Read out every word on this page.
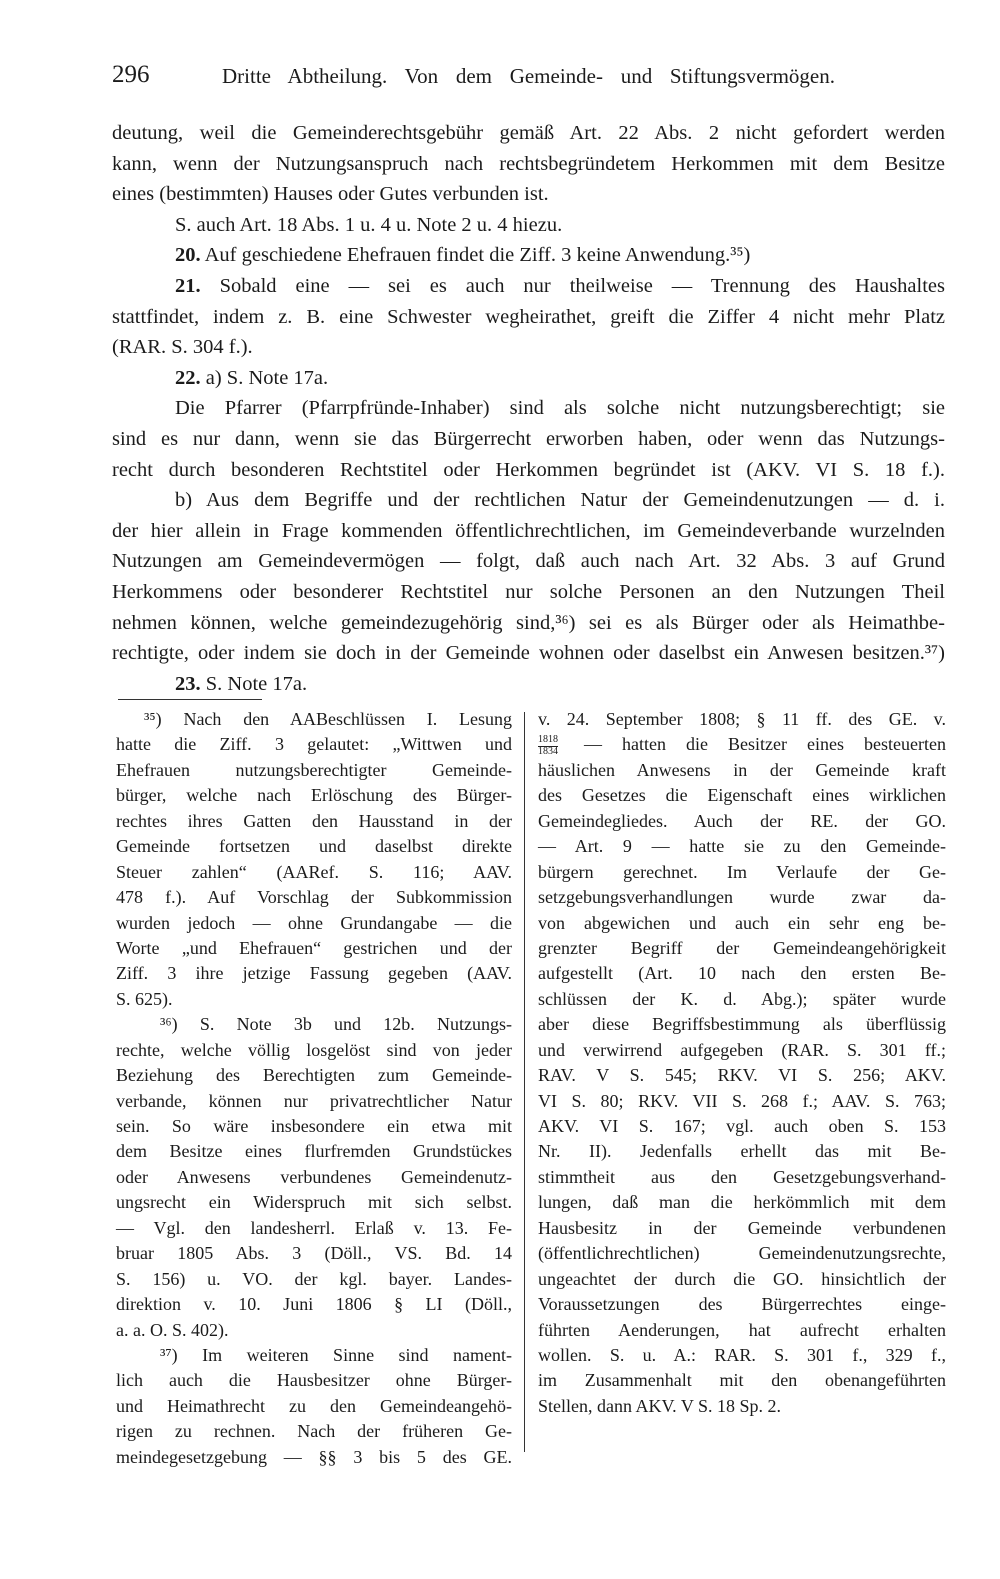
296	Dritte Abtheilung. Von dem Gemeinde- und Stiftungsvermögen.
deutung, weil die Gemeinderechtsgebühr gemäß Art. 22 Abs. 2 nicht gefordert werden
kann, wenn der Nutzungsanspruch nach rechtsbegründetem Herkommen mit dem Besitze
eines (bestimmten) Hauses oder Gutes verbunden ist.
S. auch Art. 18 Abs. 1 u. 4 u. Note 2 u. 4 hiezu.
20. Auf geschiedene Ehefrauen findet die Ziff. 3 keine Anwendung.³⁵)
21. Sobald eine — sei es auch nur theilweise — Trennung des Haushaltes
stattfindet, indem z. B. eine Schwester wegheirathet, greift die Ziffer 4 nicht mehr Platz
(RAR. S. 304 f.).
22. a) S. Note 17a.
Die Pfarrer (Pfarrpfründe-Inhaber) sind als solche nicht nutzungsberechtigt; sie
sind es nur dann, wenn sie das Bürgerrecht erworben haben, oder wenn das Nutzungs-
recht durch besonderen Rechtstitel oder Herkommen begründet ist (AKV. VI S. 18 f.).
b) Aus dem Begriffe und der rechtlichen Natur der Gemeindenutzungen — d. i.
der hier allein in Frage kommenden öffentlichrechtlichen, im Gemeindeverbande wurzelnden
Nutzungen am Gemeindevermögen — folgt, daß auch nach Art. 32 Abs. 3 auf Grund
Herkommens oder besonderer Rechtstitel nur solche Personen an den Nutzungen Theil
nehmen können, welche gemeindezugehörig sind,³⁶) sei es als Bürger oder als Heimathbe-
rechtigte, oder indem sie doch in der Gemeinde wohnen oder daselbst ein Anwesen besitzen.³⁷)
23. S. Note 17a.
³⁵) Nach den AABeschlüssen I. Lesung
hatte die Ziff. 3 gelautet: „Wittwen und
Ehefrauen nutzungsberechtigter Gemeinde-
bürger, welche nach Erlöschung des Bürger-
rechtes ihres Gatten den Hausstand in der
Gemeinde fortsetzen und daselbst direkte
Steuer zahlen“ (AARef. S. 116; AAV.
478 f.). Auf Vorschlag der Subkommission
wurden jedoch — ohne Grundangabe — die
Worte „und Ehefrauen“ gestrichen und der
Ziff. 3 ihre jetzige Fassung gegeben (AAV.
S. 625).
³⁶) S. Note 3b und 12b. Nutzungs-
rechte, welche völlig losgelöst sind von jeder
Beziehung des Berechtigten zum Gemeinde-
verbande, können nur privatrechtlicher Natur
sein. So wäre insbesondere ein etwa mit
dem Besitze eines flurfremden Grundstückes
oder Anwesens verbundenes Gemeindenutz-
ungsrecht ein Widerspruch mit sich selbst.
— Vgl. den landesherrl. Erlaß v. 13. Fe-
bruar 1805 Abs. 3 (Döll., VS. Bd. 14
S. 156) u. VO. der kgl. bayer. Landes-
direktion v. 10. Juni 1806 § LI (Döll.,
a. a. O. S. 402).
³⁷) Im weiteren Sinne sind nament-
lich auch die Hausbesitzer ohne Bürger-
und Heimathrecht zu den Gemeindeangehö-
rigen zu rechnen. Nach der früheren Ge-
meindegesetzgebung — §§ 3 bis 5 des GE.
v. 24. September 1808; § 11 ff. des GE. v.
$\frac{1818}{1834}$ — hatten die Besitzer eines besteuerten
häuslichen Anwesens in der Gemeinde kraft
des Gesetzes die Eigenschaft eines wirklichen
Gemeindegliedes. Auch der RE. der GO.
— Art. 9 — hatte sie zu den Gemeinde-
bürgern gerechnet. Im Verlaufe der Ge-
setzgebungsverhandlungen wurde zwar da-
von abgewichen und auch ein sehr eng be-
grenzter Begriff der Gemeindeangehörigkeit
aufgestellt (Art. 10 nach den ersten Be-
schlüssen der K. d. Abg.); später wurde
aber diese Begriffsbestimmung als überflüssig
und verwirrend aufgegeben (RAR. S. 301 ff.;
RAV. V S. 545; RKV. VI S. 256; AKV.
VI S. 80; RKV. VII S. 268 f.; AAV. S. 763;
AKV. VI S. 167; vgl. auch oben S. 153
Nr. II). Jedenfalls erhellt das mit Be-
stimmtheit aus den Gesetzgebungsverhand-
lungen, daß man die herkömmlich mit dem
Hausbesitz in der Gemeinde verbundenen
(öffentlichrechtlichen) Gemeindenutzungsrechte,
ungeachtet der durch die GO. hinsichtlich der
Voraussetzungen des Bürgerrechtes einge-
führten Aenderungen, hat aufrecht erhalten
wollen. S. u. A.: RAR. S. 301 f., 329 f.,
im Zusammenhalt mit den obenangeführten
Stellen, dann AKV. V S. 18 Sp. 2.
